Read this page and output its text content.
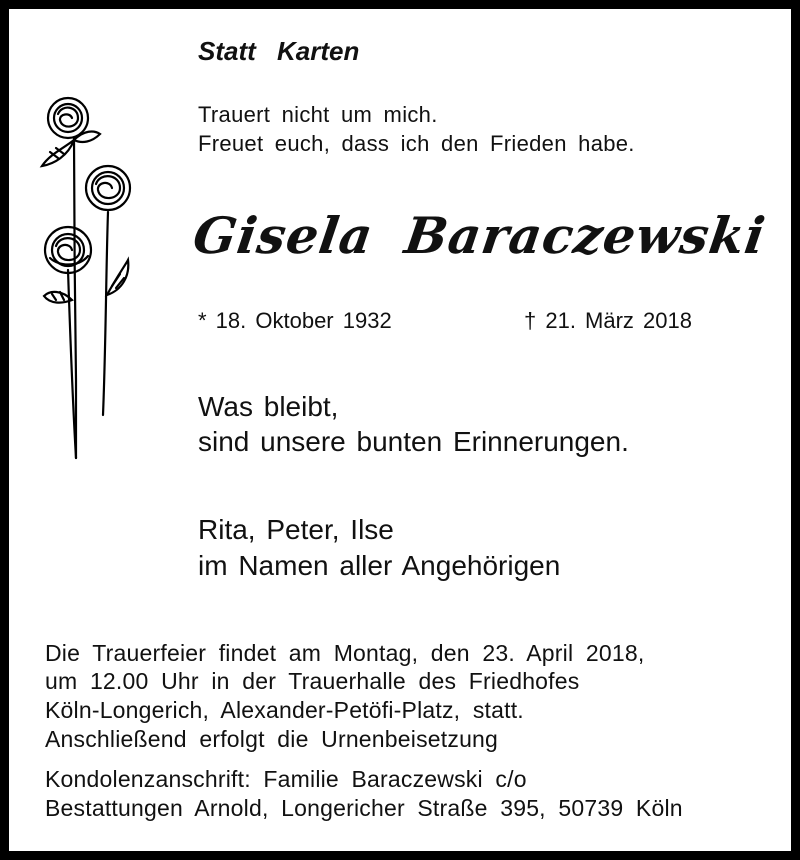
Statt Karten
Trauert nicht um mich.
Freuet euch, dass ich den Frieden habe.
Gisela Baraczewski
* 18. Oktober 1932	† 21. März 2018
Was bleibt,
sind unsere bunten Erinnerungen.
Rita, Peter, Ilse
im Namen aller Angehörigen
Die Trauerfeier findet am Montag, den 23. April 2018,
um 12.00 Uhr in der Trauerhalle des Friedhofes
Köln-Longerich, Alexander-Petöfi-Platz, statt.
Anschließend erfolgt die Urnenbeisetzung
Kondolenzanschrift: Familie Baraczewski c/o
Bestattungen Arnold, Longericher Straße 395, 50739 Köln
